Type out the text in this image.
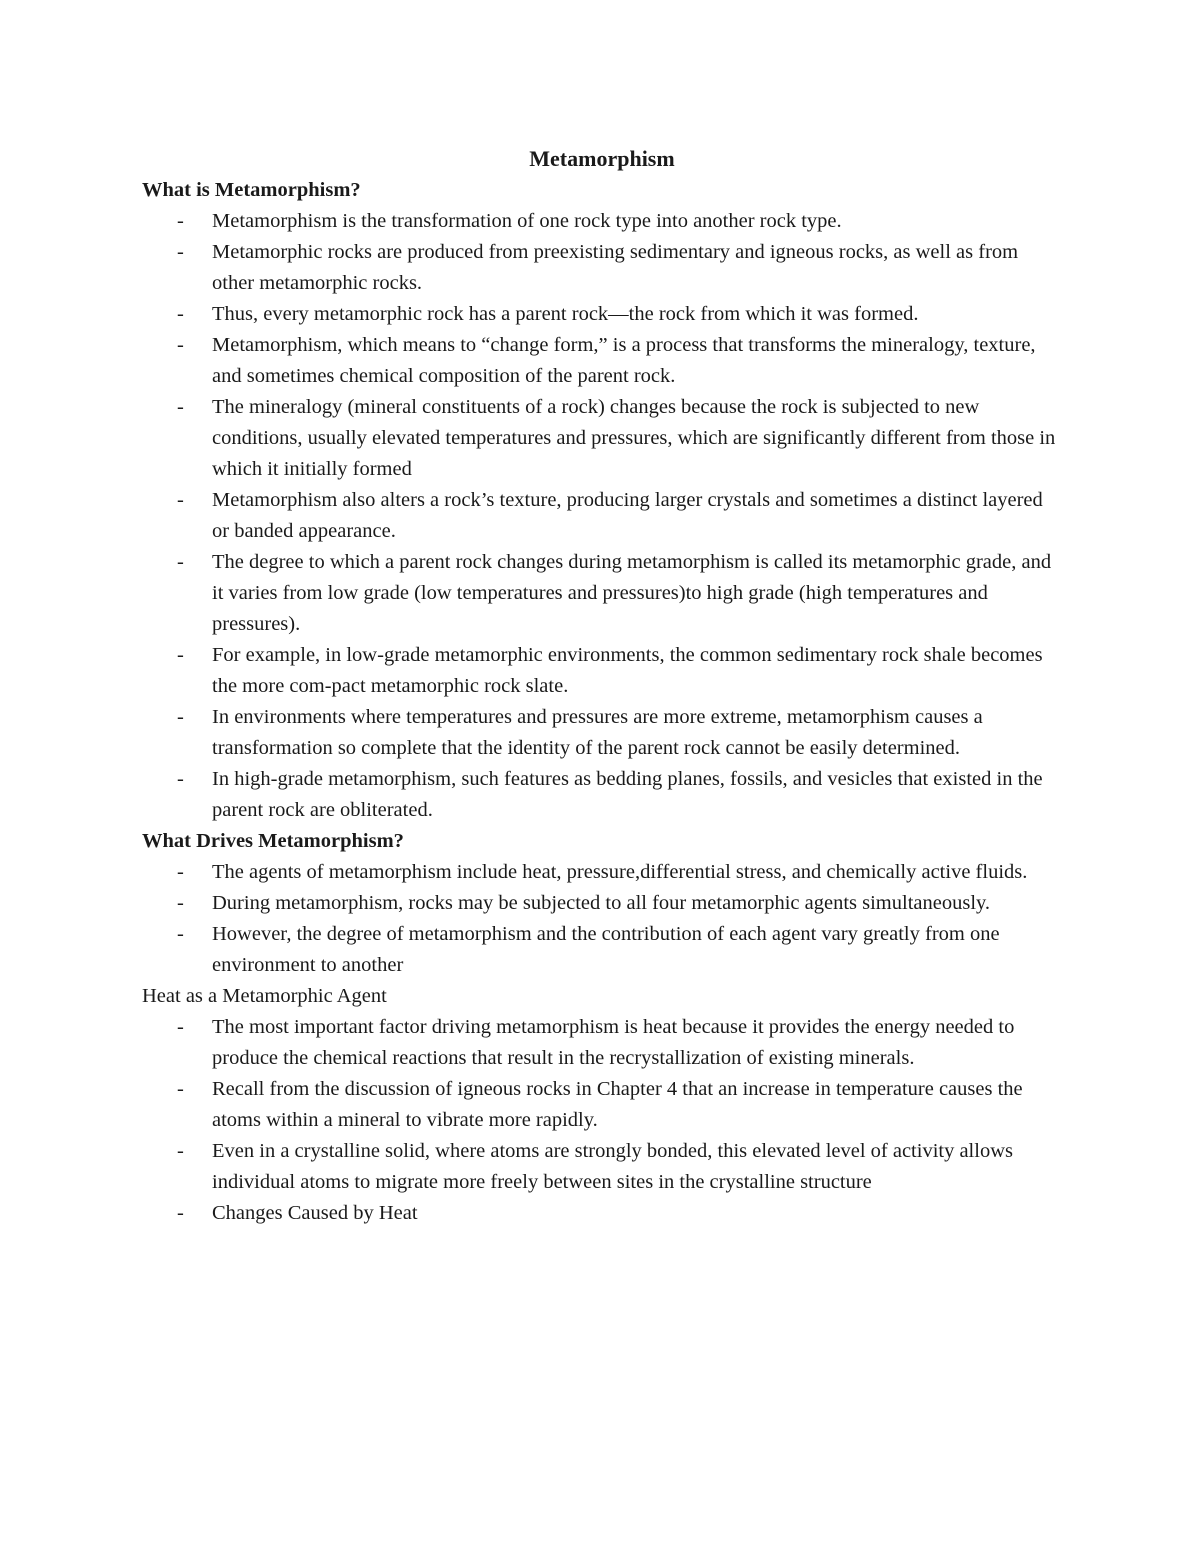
Metamorphism
What is Metamorphism?
- Metamorphism is the transformation of one rock type into another rock type.
- Metamorphic rocks are produced from preexisting sedimentary and igneous rocks, as well as from other metamorphic rocks.
- Thus, every metamorphic rock has a parent rock—the rock from which it was formed.
- Metamorphism, which means to “change form,” is a process that transforms the mineralogy, texture, and sometimes chemical composition of the parent rock.
- The mineralogy (mineral constituents of a rock) changes because the rock is subjected to new conditions, usually elevated temperatures and pressures, which are significantly different from those in which it initially formed
- Metamorphism also alters a rock’s texture, producing larger crystals and sometimes a distinct layered or banded appearance.
- The degree to which a parent rock changes during metamorphism is called its metamorphic grade, and it varies from low grade (low temperatures and pressures)to high grade (high temperatures and pressures).
- For example, in low-grade metamorphic environments, the common sedimentary rock shale becomes the more com-pact metamorphic rock slate.
- In environments where temperatures and pressures are more extreme, metamorphism causes a transformation so complete that the identity of the parent rock cannot be easily determined.
- In high-grade metamorphism, such features as bedding planes, fossils, and vesicles that existed in the parent rock are obliterated.
What Drives Metamorphism?
- The agents of metamorphism include heat, pressure,differential stress, and chemically active fluids.
- During metamorphism, rocks may be subjected to all four metamorphic agents simultaneously.
- However, the degree of metamorphism and the contribution of each agent vary greatly from one environment to another
Heat as a Metamorphic Agent
- The most important factor driving metamorphism is heat because it provides the energy needed to produce the chemical reactions that result in the recrystallization of existing minerals.
- Recall from the discussion of igneous rocks in Chapter 4 that an increase in temperature causes the atoms within a mineral to vibrate more rapidly.
- Even in a crystalline solid, where atoms are strongly bonded, this elevated level of activity allows individual atoms to migrate more freely between sites in the crystalline structure
- Changes Caused by Heat
